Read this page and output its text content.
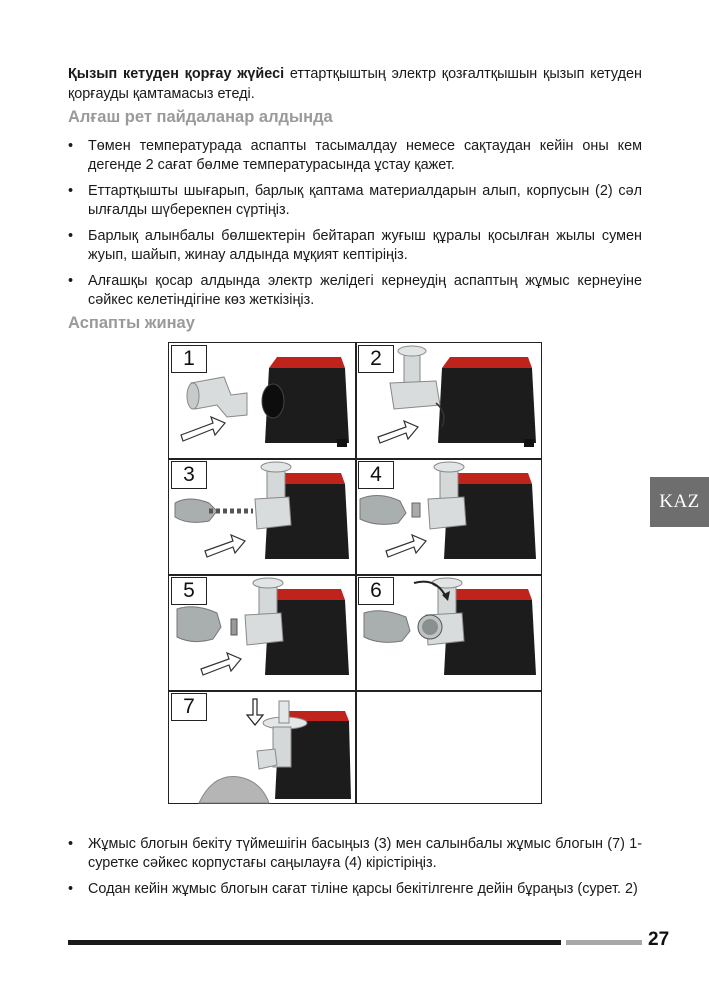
Қызып кетуден қорғау жүйесі еттартқыштың электр қозғалтқышын қызып кетуден қорғауды қамтамасыз етеді.

Алғаш рет пайдаланар алдында
• Төмен температурада аспапты тасымалдау немесе сақтаудан кейін оны кем дегенде 2 сағат бөлме температурасында ұстау қажет.
• Еттартқышты шығарып, барлық қаптама материалдарын алып, корпусын (2) сәл ылғалды шүберекпен сүртіңіз.
• Барлық алынбалы бөлшектерін бейтарап жуғыш құралы қосылған жылы сумен жуып, шайып, жинау алдында мұқият кептіріңіз.
• Алғашқы қосар алдында электр желідегі кернеудің аспаптың жұмыс кернеуіне сәйкес келетіндігіне көз жеткізіңіз.
Аспапты жинау
1	2
3	4
5	6
7
• Жұмыс блогын бекіту түймешігін басыңыз (3) мен салынбалы жұмыс блогын (7) 1-суретке сәйкес корпустағы саңылауға (4) кірістіріңіз.
• Содан кейін жұмыс блогын сағат тіліне қарсы бекітілгенге дейін бұраңыз (сурет. 2)
KAZ
27
